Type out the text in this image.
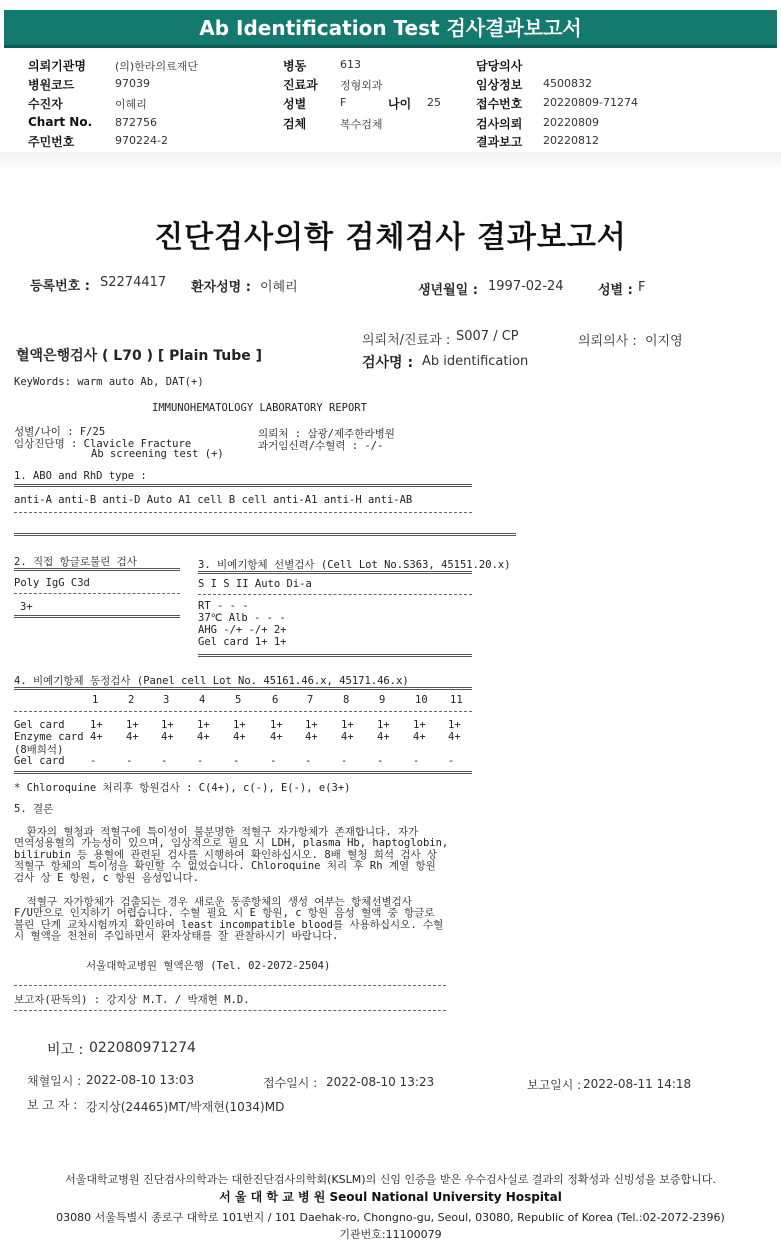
Ab Identification Test 검사결과보고서
의뢰기관명	(의)한라의료재단	병동	613	담당의사
병원코드	97039	진료과 정형외과	임상정보 4500832
수진자	이혜리	성별	F	나이 25	접수번호 20220809-71274
Chart No. 872756	검체	복수검체	검사의뢰 20220809
주민번호	970224-2	결과보고 20220812
진단검사의학 검체검사 결과보고서
등록번호 : S2274417 환자성명 : 이혜리	생년월일 : 1997-02-24	성별 : F
의뢰처/진료과 : S007 / CP	의뢰의사 : 이지영
혈액은행검사 ( L70 ) [ Plain Tube ]	검사명 : Ab identification
KeyWords: warm auto Ab, DAT(+)
IMMUNOHEMATOLOGY LABORATORY REPORT
성별/나이 : F/25
임상진단명 : Clavicle Fracture
Ab screening test (+)
의뢰처 : 삼광/제주한라병원
과거임신력/수혈력 : -/-
1. ABO and RhD type :
anti-A anti-B anti-D Auto A1 cell B cell anti-A1 anti-H anti-AB
2. 직접 항글로불린 검사
Poly IgG C3d
3+
3. 비예기항체 선별검사 (Cell Lot No.S363, 45151.20.x)
S I S II Auto Di-a
RT - - -
37℃ Alb - - -
AHG -/+ -/+ 2+
Gel card 1+ 1+
4. 비예기항체 동정검사 (Panel cell Lot No. 45161.46.x, 45171.46.x)
1	2	3	4	5	6	7	8	9	10 11
Gel card 1+ 1+ 1+ 1+ 1+ 1+ 1+ 1+ 1+ 1+ 1+
Enzyme card 4+ 4+ 4+ 4+ 4+ 4+ 4+ 4+ 4+ 4+ 4+
(8배희석)
Gel card -	-	-	-	-	-	-	-	-	-	-
* Chloroquine 처리후 항원검사 : C(4+), c(-), E(-), e(3+)
5. 결론
환자의 혈청과 적혈구에 특이성이 불분명한 적혈구 자가항체가 존재합니다. 자가
면역성용혈의 가능성이 있으며, 임상적으로 필요 시 LDH, plasma Hb, haptoglobin,
bilirubin 등 용혈에 관련된 검사를 시행하여 확인하십시오. 8배 혈청 희석 검사 상
적혈구 항체의 특이성을 확인할 수 없었습니다. Chloroquine 처리 후 Rh 계열 항원
검사 상 E 항원, c 항원 음성입니다.
적혈구 자가항체가 검출되는 경우 새로운 동종항체의 생성 여부는 항체선별검사
F/U만으로 인지하기 어렵습니다. 수혈 필요 시 E 항원, c 항원 음성 혈액 중 항글로
불린 단계 교차시험까지 확인하여 least incompatible blood를 사용하십시오. 수혈
시 혈액을 천천히 주입하면서 환자상태를 잘 관찰하시기 바랍니다.
서울대학교병원 혈액은행 (Tel. 02-2072-2504)
보고자(판독의) : 강지상 M.T. / 박재현 M.D.
비고 : 022080971274
채혈일시 : 2022-08-10 13:03	접수일시 : 2022-08-10 13:23	보고일시 : 2022-08-11 14:18
보 고 자 : 강지상(24465)MT/박재현(1034)MD
서울대학교병원 진단검사의학과는 대한진단검사의학회(KSLM)의 신임 인증을 받은 우수검사실로 결과의 정확성과 신빙성을 보증합니다.
서 울 대 학 교 병 원 Seoul National University Hospital
03080 서울특별시 종로구 대학로 101번지 / 101 Daehak-ro, Chongno-gu, Seoul, 03080, Republic of Korea (Tel.:02-2072-2396)
기관번호:11100079
